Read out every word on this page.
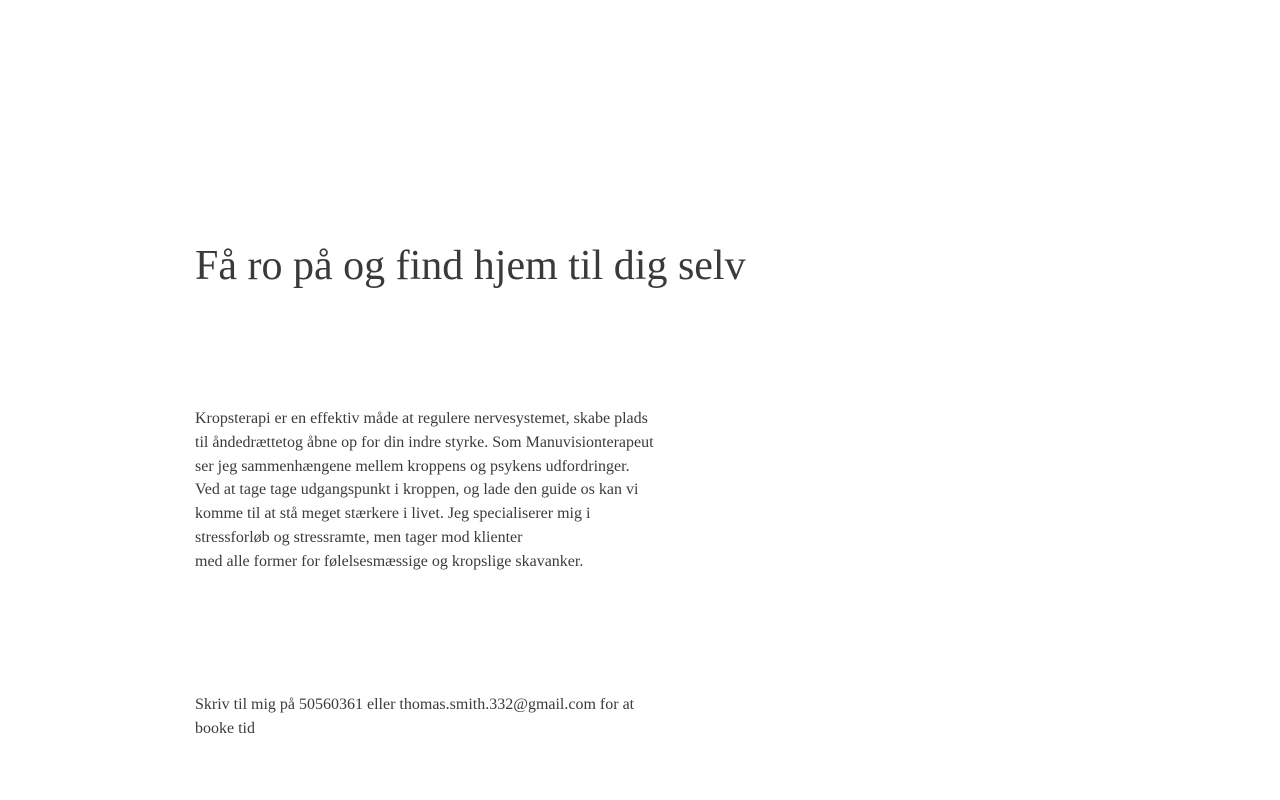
Få ro på og find hjem til dig selv

Kropsterapi er en effektiv måde at regulere nervesystemet, skabe plads til åndedrættetog åbne op for din indre styrke. Som Manuvisionterapeut ser jeg sammenhængene mellem kroppens og psykens udfordringer. Ved at tage tage udgangspunkt i kroppen, og lade den guide os kan vi komme til at stå meget stærkere i livet. Jeg specialiserer mig i stressforløb og stressramte, men tager mod klienter

med alle former for følelsesmæssige og kropslige skavanker.

Skriv til mig på 50560361 eller thomas.smith.332@gmail.com for at booke tid
